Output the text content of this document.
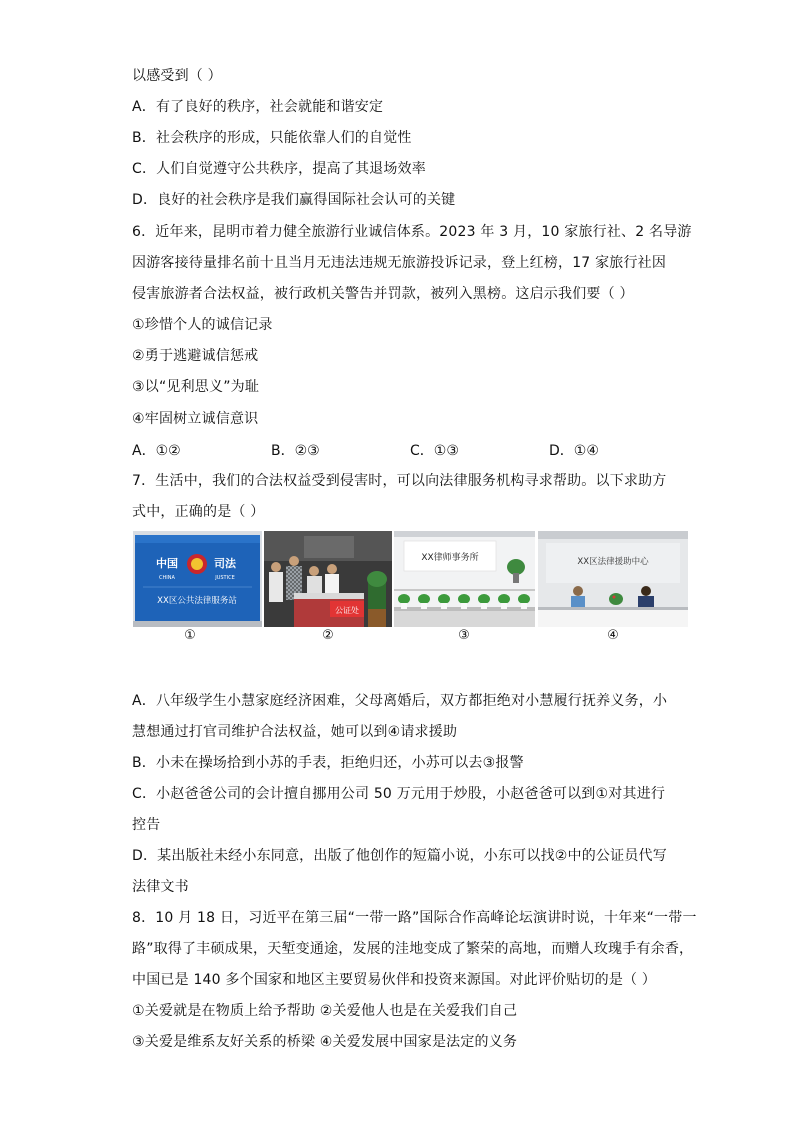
以感受到（ ）
A．有了良好的秩序，社会就能和谐安定
B．社会秩序的形成，只能依靠人们的自觉性
C．人们自觉遵守公共秩序，提高了其退场效率
D．良好的社会秩序是我们赢得国际社会认可的关键
6．近年来，昆明市着力健全旅游行业诚信体系。2023 年 3 月，10 家旅行社、2 名导游
因游客接待量排名前十且当月无违法违规无旅游投诉记录，登上红榜，17 家旅行社因
侵害旅游者合法权益，被行政机关警告并罚款，被列入黑榜。这启示我们要（ ）
①珍惜个人的诚信记录
②勇于逃避诚信惩戒
③以“见利思义”为耻
④牢固树立诚信意识
A．①②	B．②③	C．①③	D．①④
7．生活中，我们的合法权益受到侵害时，可以向法律服务机构寻求帮助。以下求助方
式中，正确的是（ ）
中国	司法
CHINA	JUSTICE
XX区公共法律服务站
①
公证处
②
XX律师事务所
③
XX区法律援助中心
④
A．八年级学生小慧家庭经济困难，父母离婚后，双方都拒绝对小慧履行抚养义务，小
慧想通过打官司维护合法权益，她可以到④请求援助
B．小未在操场拾到小苏的手表，拒绝归还，小苏可以去③报警
C．小赵爸爸公司的会计擅自挪用公司 50 万元用于炒股，小赵爸爸可以到①对其进行
控告
D．某出版社未经小东同意，出版了他创作的短篇小说，小东可以找②中的公证员代写
法律文书
8．10 月 18 日，习近平在第三届“一带一路”国际合作高峰论坛演讲时说，十年来“一带一
路”取得了丰硕成果，天堑变通途，发展的洼地变成了繁荣的高地，而赠人玫瑰手有余香，
中国已是 140 多个国家和地区主要贸易伙伴和投资来源国。对此评价贴切的是（ ）
①关爱就是在物质上给予帮助 ②关爱他人也是在关爱我们自己
③关爱是维系友好关系的桥梁 ④关爱发展中国家是法定的义务
